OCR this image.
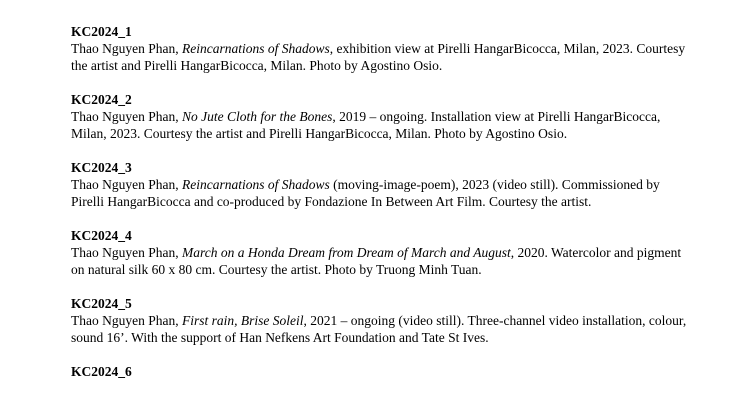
KC2024_1

Thao Nguyen Phan, Reincarnations of Shadows, exhibition view at Pirelli HangarBicocca, Milan, 2023. Courtesy the artist and Pirelli HangarBicocca, Milan. Photo by Agostino Osio.

KC2024_2

Thao Nguyen Phan, No Jute Cloth for the Bones, 2019 – ongoing. Installation view at Pirelli HangarBicocca, Milan, 2023. Courtesy the artist and Pirelli HangarBicocca, Milan. Photo by Agostino Osio.

KC2024_3

Thao Nguyen Phan, Reincarnations of Shadows (moving-image-poem), 2023 (video still). Commissioned by Pirelli HangarBicocca and co-produced by Fondazione In Between Art Film. Courtesy the artist.

KC2024_4

Thao Nguyen Phan, March on a Honda Dream from Dream of March and August, 2020. Watercolor and pigment on natural silk 60 x 80 cm. Courtesy the artist. Photo by Truong Minh Tuan.

KC2024_5

Thao Nguyen Phan, First rain, Brise Soleil, 2021 – ongoing (video still). Three-channel video installation, colour, sound 16’. With the support of Han Nefkens Art Foundation and Tate St Ives.

KC2024_6
